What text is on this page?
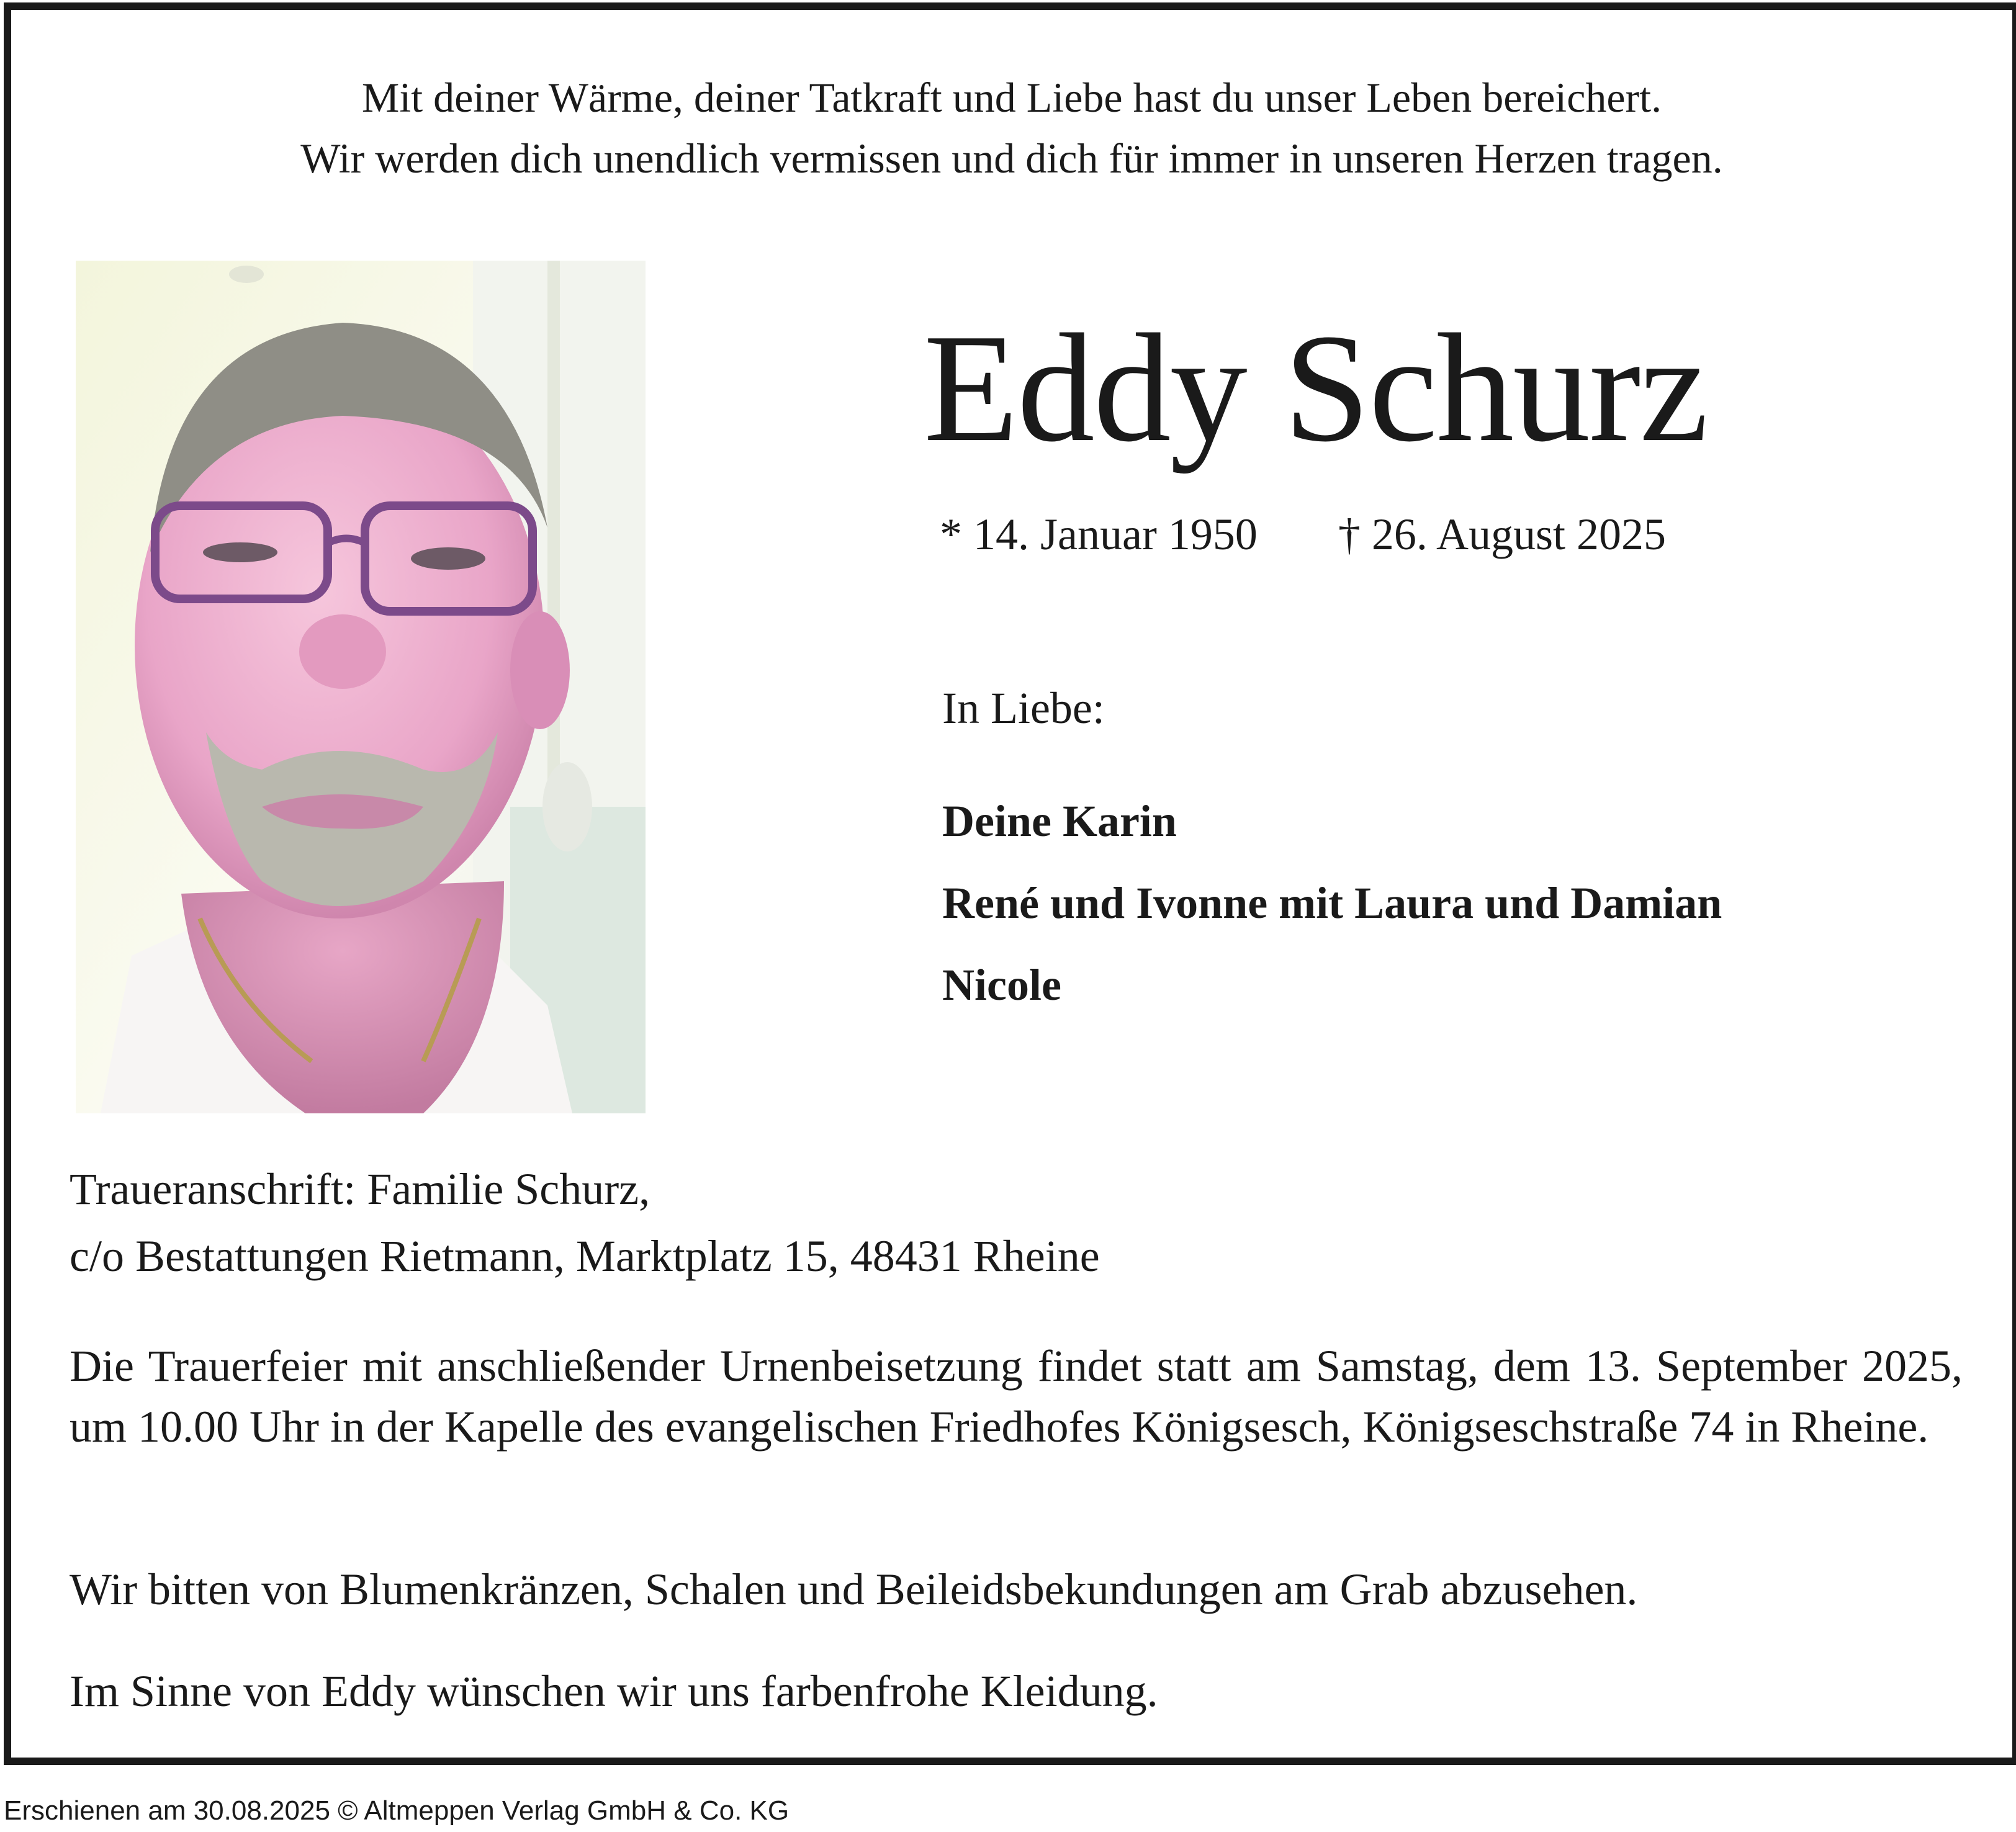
Mit deiner Wärme, deiner Tatkraft und Liebe hast du unser Leben bereichert.
Wir werden dich unendlich vermissen und dich für immer in unseren Herzen tragen.
Eddy Schurz
* 14. Januar 1950 † 26. August 2025
In Liebe:
Deine Karin
René und Ivonne mit Laura und Damian
Nicole
Traueranschrift: Familie Schurz,
c/o Bestattungen Rietmann, Marktplatz 15, 48431 Rheine
Die Trauerfeier mit anschließender Urnenbeisetzung findet statt am Samstag, dem 13. September 2025, um 10.00 Uhr in der Kapelle des evangelischen Friedhofes Königsesch, Königseschstraße 74 in Rheine.
Wir bitten von Blumenkränzen, Schalen und Beileidsbekundungen am Grab abzusehen.
Im Sinne von Eddy wünschen wir uns farbenfrohe Kleidung.
Erschienen am 30.08.2025 © Altmeppen Verlag GmbH & Co. KG
